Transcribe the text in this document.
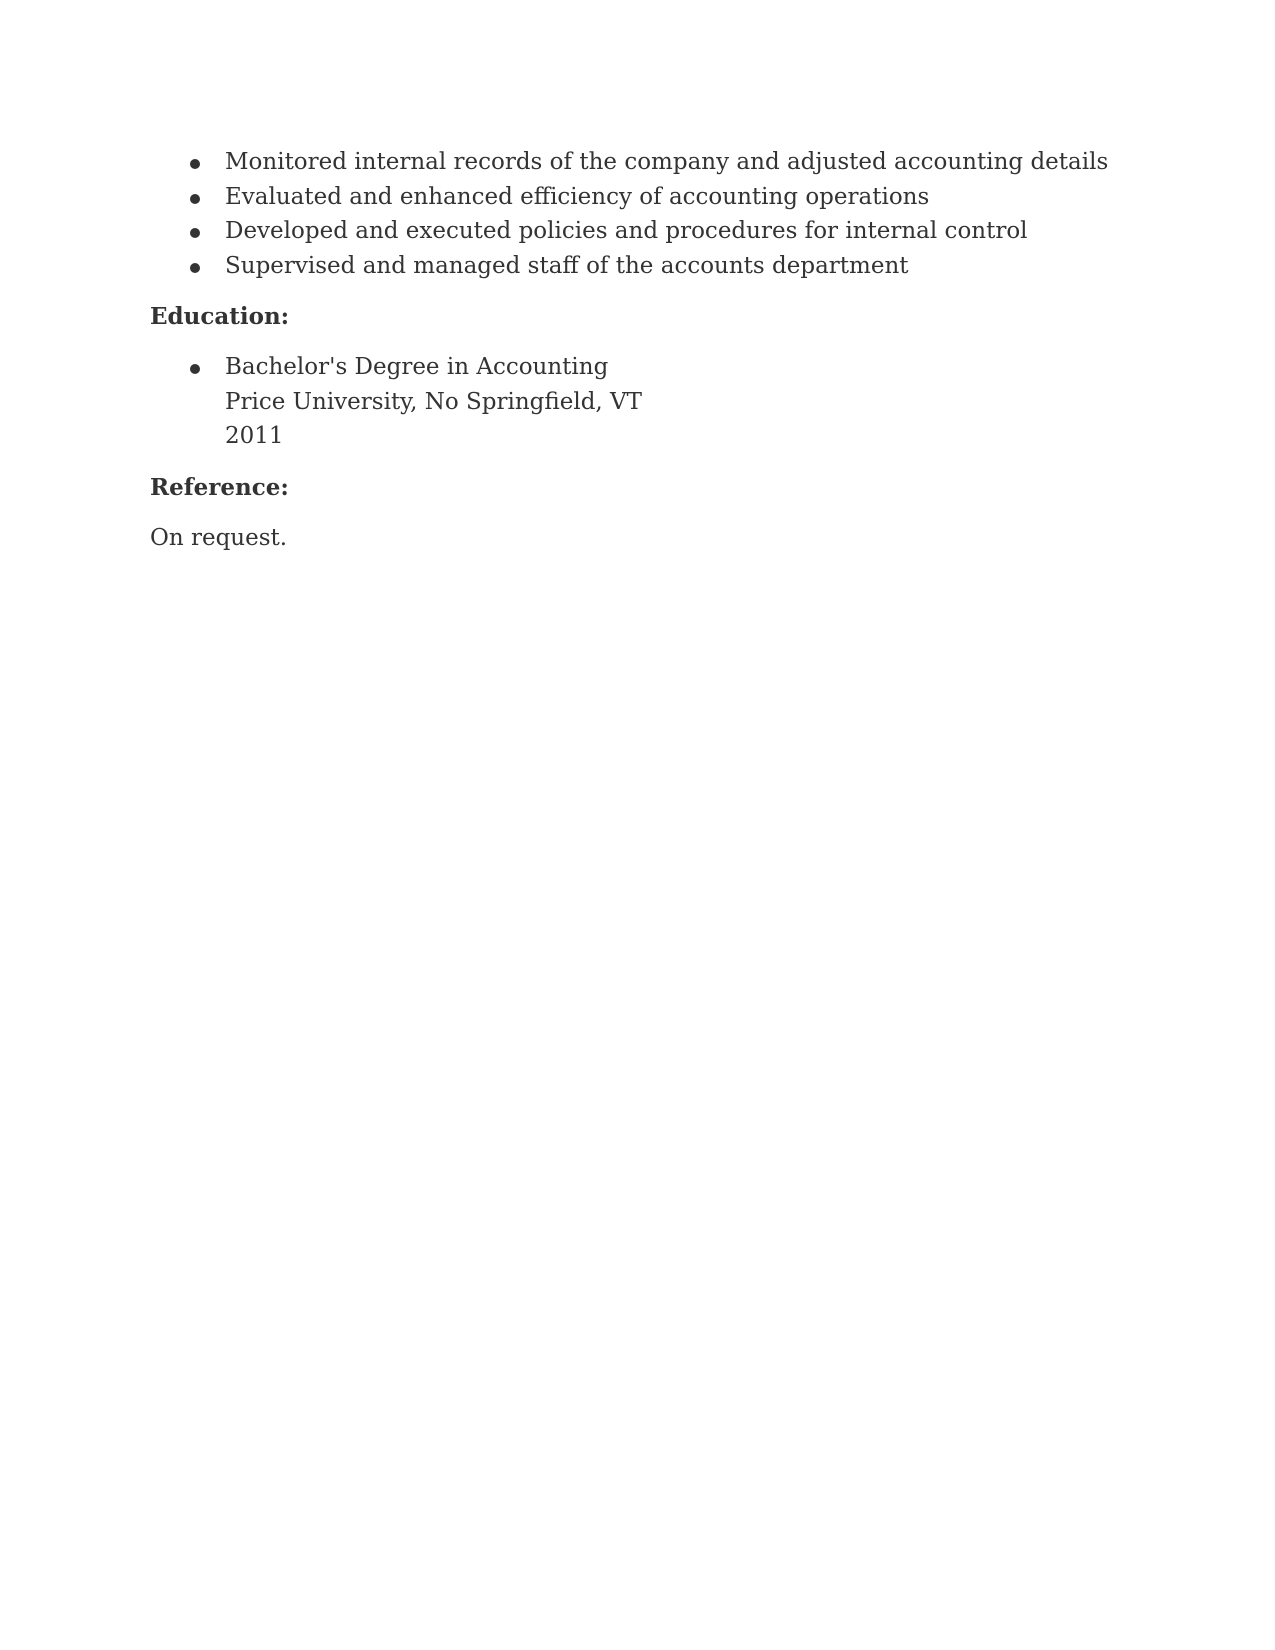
Monitored internal records of the company and adjusted accounting details
Evaluated and enhanced efficiency of accounting operations
Developed and executed policies and procedures for internal control
Supervised and managed staff of the accounts department
Education:
Bachelor's Degree in Accounting
Price University, No Springfield, VT
2011
Reference:

On request.
